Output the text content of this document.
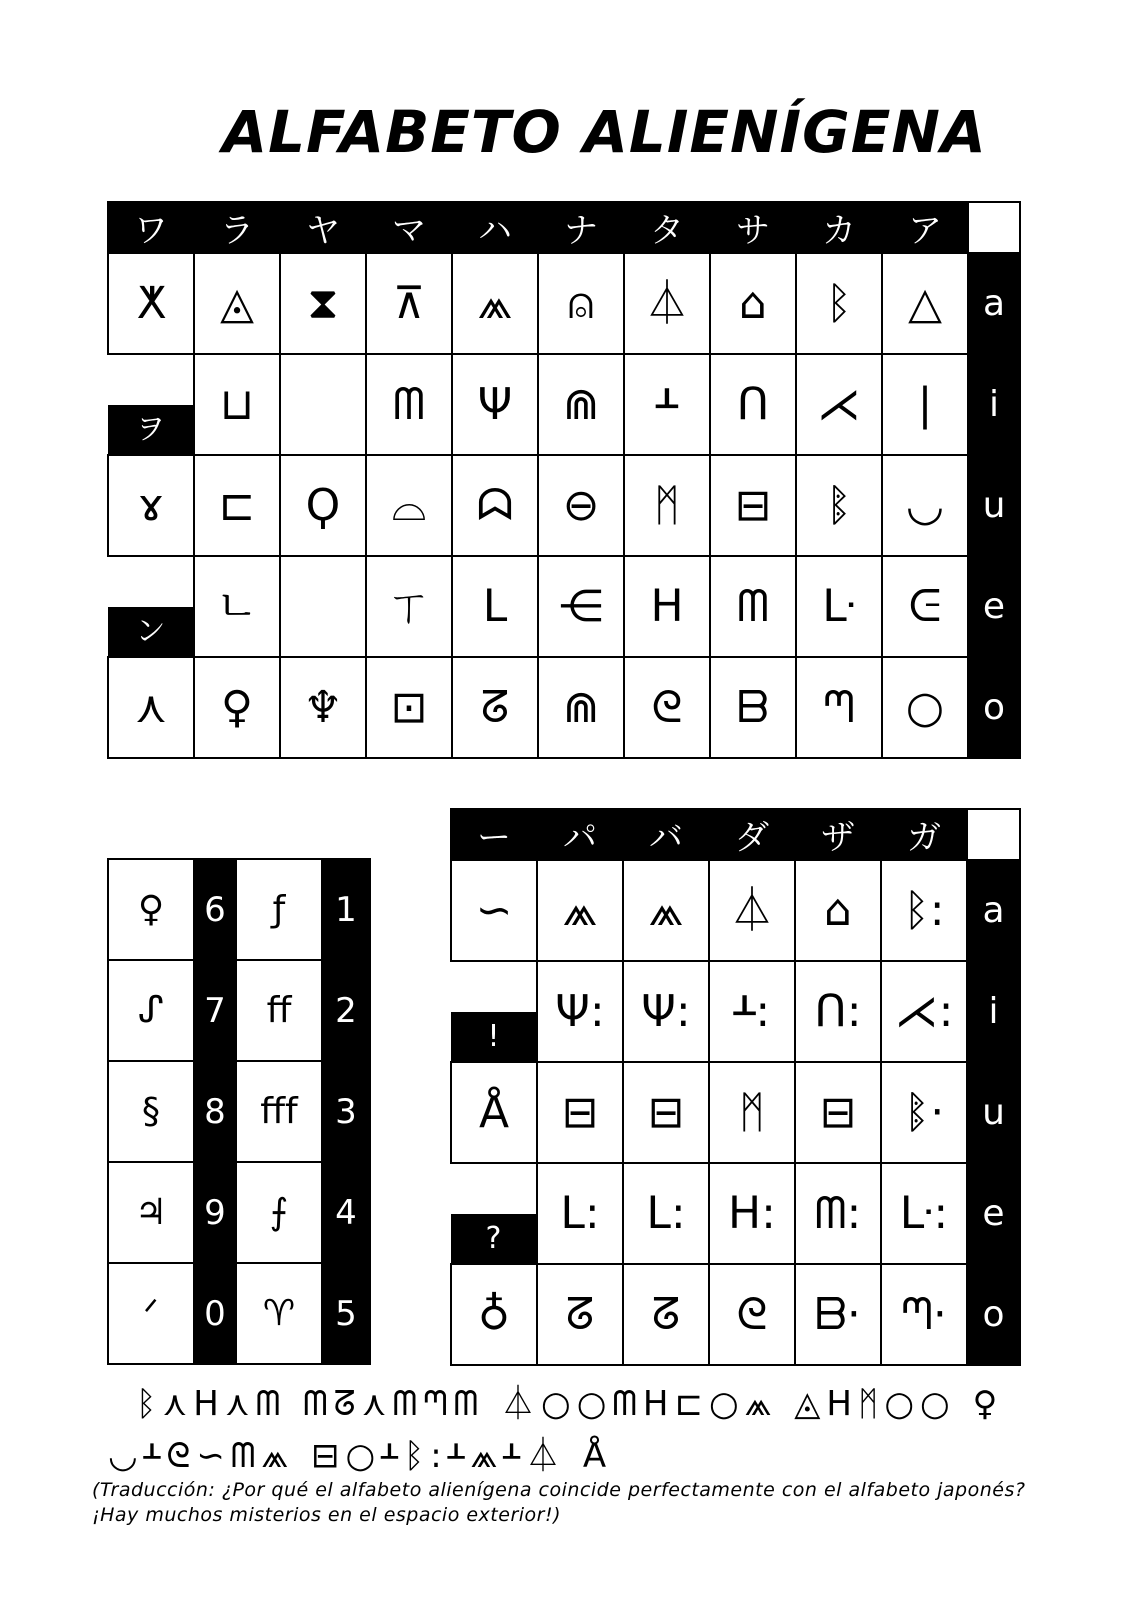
ALFABETO ALIENÍGENA
ワ	ラ	ヤ	マ	ハ	ナ	タ	サ	カ	ア	
ⵅ	◬	⧗	⊼	⩕	⍝	⏃	⌂	ᛒ	△	a

ヲ	⊔		ᗰ	Ψ	⋒	ᚆ	ᑎ	⋌	❘	i
ɤ	⊏	Ϙ	⌓	ᗣ	⊖	ᛗ	⊟	ᛔ	◡	u

ン	ㄴ		ㄒ	ᒪ	⋲	ᕼ	ᗰ	ᒷ	ᕮ	e
⋏	♀	♆	⊡	ᘔ	⋒	ᘓ	ᗷ	ᘉ	○	o
♀	6	ƒ	1
ᔑ	7	ff	2
§	8	fff	3
♃	9	⨍	4
ᐟ	0	♈	5
ー	パ	バ	ダ	ザ	ガ	
∽	⩕	⩕	⏃	⌂	ᛒ:	a

!	Ψ:	Ψ:	ᚆ:	ᑎ:	⋌:	i
Å	⊟	⊟	ᛗ	⊟	ᛔ·	u

?	ᒪ:	ᒪ:	ᕼ:	ᗰ:	ᒷ:	e
♁	ᘔ	ᘔ	ᘓ	ᗷ·	ᘉ·	o
ᛒ⋏ᕼ⋏ᗰ ᗰᘔ⋏ᗰᘉᗰ ⏃○○ᗰᕼ⊏○⩕ ◬ᕼᛗ○○ ♀
◡ᚆᘓ∽ᗰ⩕ ⊟○ᚆᛒ:ᚆ⩕ᚆ⏃ Å
(Traducción: ¿Por qué el alfabeto alienígena coincide perfectamente con el alfabeto japonés? ¡Hay muchos misterios en el espacio exterior!)
